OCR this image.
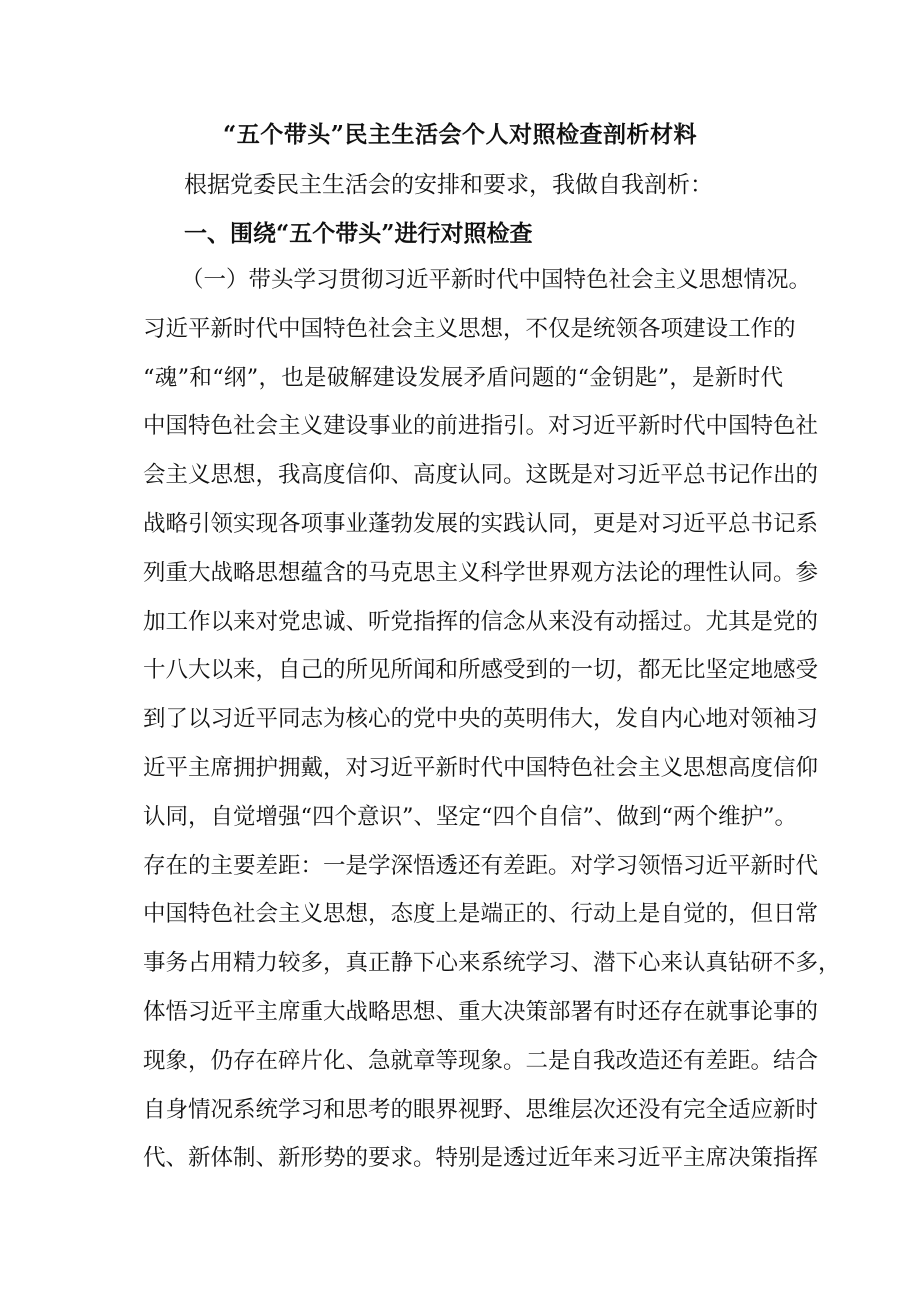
“五个带头”民主生活会个人对照检查剖析材料

根据党委民主生活会的安排和要求，我做自我剖析：

一、围绕“五个带头”进行对照检查
（一）带头学习贯彻习近平新时代中国特色社会主义思想情况。
习近平新时代中国特色社会主义思想，不仅是统领各项建设工作的
“魂”和“纲”，也是破解建设发展矛盾问题的“金钥匙”，是新时代
中国特色社会主义建设事业的前进指引。对习近平新时代中国特色社
会主义思想，我高度信仰、高度认同。这既是对习近平总书记作出的
战略引领实现各项事业蓬勃发展的实践认同，更是对习近平总书记系
列重大战略思想蕴含的马克思主义科学世界观方法论的理性认同。参
加工作以来对党忠诚、听党指挥的信念从来没有动摇过。尤其是党的
十八大以来，自己的所见所闻和所感受到的一切，都无比坚定地感受
到了以习近平同志为核心的党中央的英明伟大，发自内心地对领袖习
近平主席拥护拥戴，对习近平新时代中国特色社会主义思想高度信仰
认同，自觉增强“四个意识”、坚定“四个自信”、做到“两个维护”。
存在的主要差距：一是学深悟透还有差距。对学习领悟习近平新时代
中国特色社会主义思想，态度上是端正的、行动上是自觉的，但日常
事务占用精力较多，真正静下心来系统学习、潜下心来认真钻研不多，
体悟习近平主席重大战略思想、重大决策部署有时还存在就事论事的
现象，仍存在碎片化、急就章等现象。二是自我改造还有差距。结合
自身情况系统学习和思考的眼界视野、思维层次还没有完全适应新时
代、新体制、新形势的要求。特别是透过近年来习近平主席决策指挥
